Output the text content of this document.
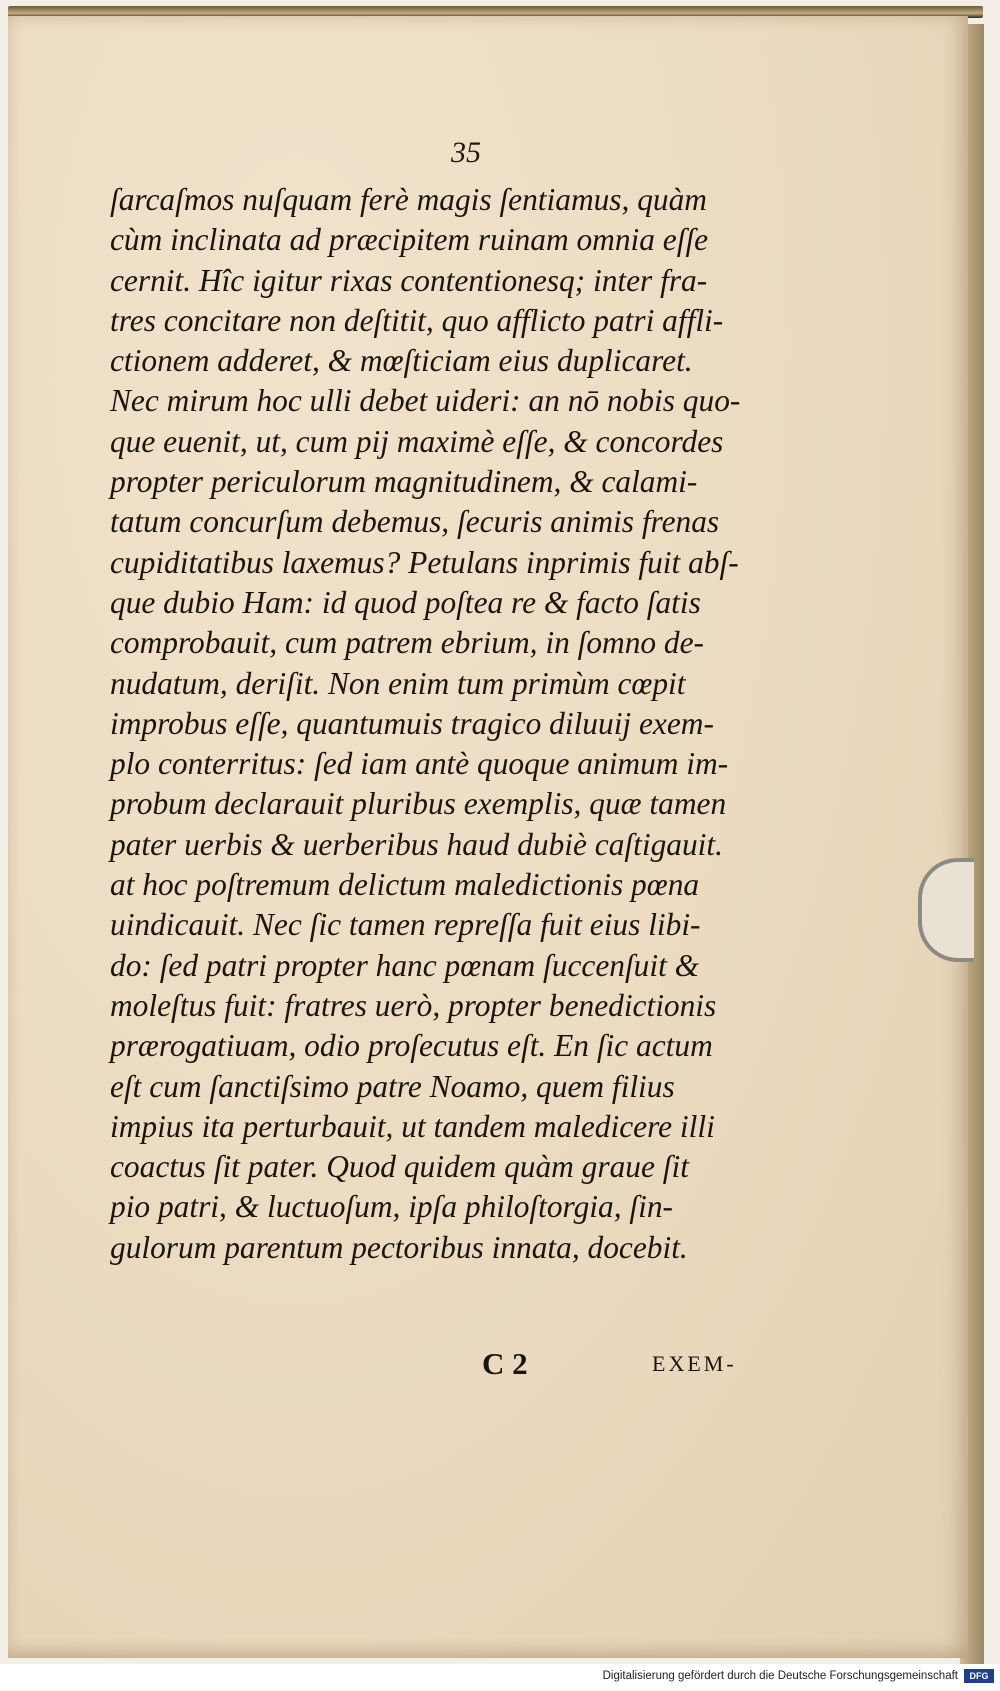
35
ſarcaſmos nuſquam ferè magis ſentiamus, quàm
cùm inclinata ad præcipitem ruinam omnia eſſe
cernit. Hîc igitur rixas contentionesq; inter fra-
tres concitare non deſtitit, quo afflicto patri affli-
ctionem adderet, & mœſticiam eius duplicaret.
Nec mirum hoc ulli debet uideri: an nō nobis quo-
que euenit, ut, cum pij maximè eſſe, & concordes
propter periculorum magnitudinem, & calami-
tatum concurſum debemus, ſecuris animis frenas
cupiditatibus laxemus? Petulans inprimis fuit abſ-
que dubio Ham: id quod poſtea re & facto ſatis
comprobauit, cum patrem ebrium, in ſomno de-
nudatum, deriſit. Non enim tum primùm cœpit
improbus eſſe, quantumuis tragico diluuij exem-
plo conterritus: ſed iam antè quoque animum im-
probum declarauit pluribus exemplis, quæ tamen
pater uerbis & uerberibus haud dubiè caſtigauit.
at hoc poſtremum delictum maledictionis pœna
uindicauit. Nec ſic tamen repreſſa fuit eius libi-
do: ſed patri propter hanc pœnam ſuccenſuit &
moleſtus fuit: fratres uerò, propter benedictionis
prærogatiuam, odio proſecutus eſt. En ſic actum
eſt cum ſanctiſsimo patre Noamo, quem filius
impius ita perturbauit, ut tandem maledicere illi
coactus ſit pater. Quod quidem quàm graue ſit
pio patri, & luctuoſum, ipſa philoſtorgia, ſin-
gulorum parentum pectoribus innata, docebit.
C 2	EXEM-
Digitalisierung gefördert durch die Deutsche Forschungsgemeinschaft	DFG
